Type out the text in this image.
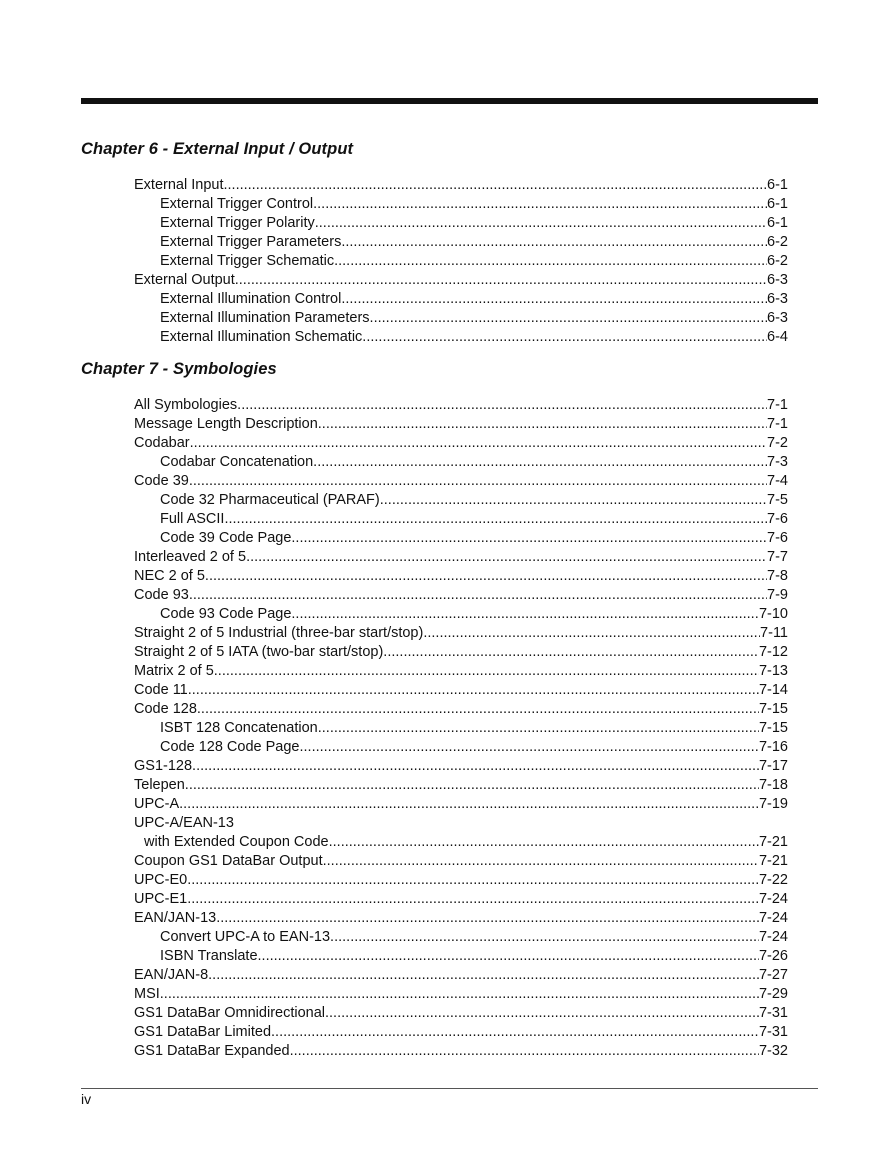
Chapter 6 - External Input / Output
External Input .....	6-1
External Trigger Control .....	6-1
External Trigger Polarity .....	6-1
External Trigger Parameters .....	6-2
External Trigger Schematic .....	6-2
External Output .....	6-3
External Illumination Control .....	6-3
External Illumination Parameters .....	6-3
External Illumination Schematic .....	6-4
Chapter 7 - Symbologies
All Symbologies .....	7-1
Message Length Description .....	7-1
Codabar .....	7-2
Codabar Concatenation .....	7-3
Code 39 .....	7-4
Code 32 Pharmaceutical (PARAF) .....	7-5
Full ASCII .....	7-6
Code 39 Code Page .....	7-6
Interleaved 2 of 5 .....	7-7
NEC 2 of 5 .....	7-8
Code 93 .....	7-9
Code 93 Code Page .....	7-10
Straight 2 of 5 Industrial (three-bar start/stop) .....	7-11
Straight 2 of 5 IATA (two-bar start/stop) .....	7-12
Matrix 2 of 5 .....	7-13
Code 11 .....	7-14
Code 128 .....	7-15
ISBT 128 Concatenation .....	7-15
Code 128 Code Page .....	7-16
GS1-128 .....	7-17
Telepen .....	7-18
UPC-A .....	7-19
UPC-A/EAN-13
with Extended Coupon Code .....	7-21
Coupon GS1 DataBar Output .....	7-21
UPC-E0 .....	7-22
UPC-E1 .....	7-24
EAN/JAN-13 .....	7-24
Convert UPC-A to EAN-13 .....	7-24
ISBN Translate .....	7-26
EAN/JAN-8 .....	7-27
MSI .....	7-29
GS1 DataBar Omnidirectional .....	7-31
GS1 DataBar Limited .....	7-31
GS1 DataBar Expanded .....	7-32
iv
